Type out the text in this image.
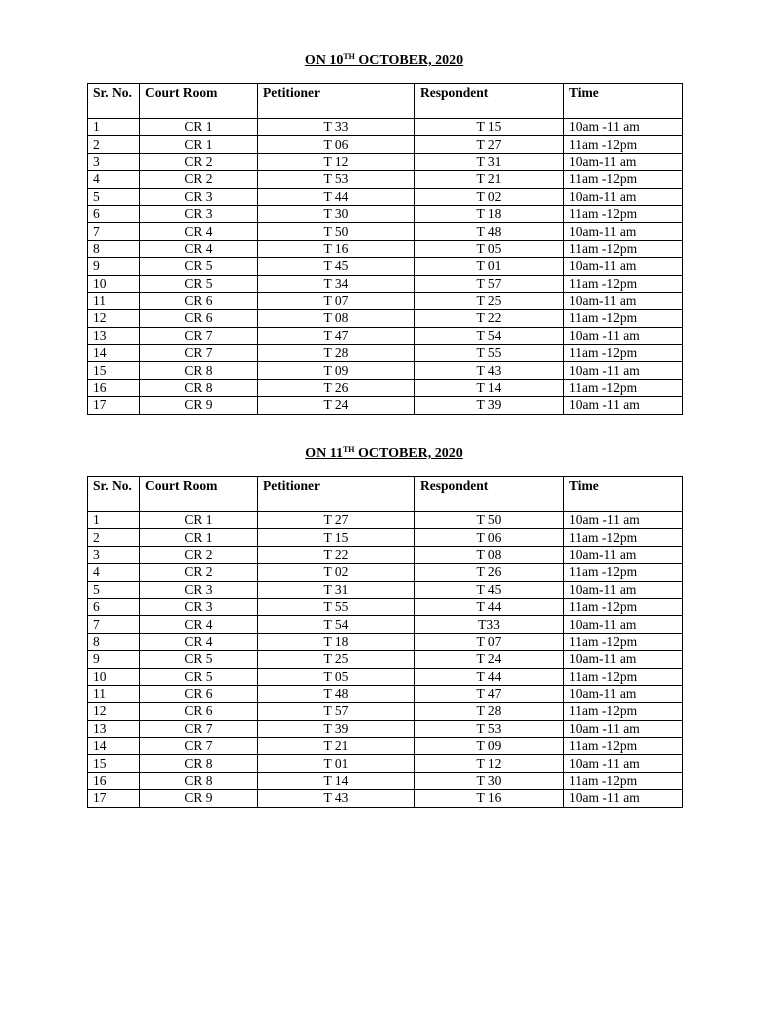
ON 10TH OCTOBER, 2020
Sr. No.	Court Room	Petitioner	Respondent	Time
1	CR 1	T 33	T 15	10am -11 am
2	CR 1	T 06	T 27	11am -12pm
3	CR 2	T 12	T 31	10am-11 am
4	CR 2	T 53	T 21	11am -12pm
5	CR 3	T 44	T 02	10am-11 am
6	CR 3	T 30	T 18	11am -12pm
7	CR 4	T 50	T 48	10am-11 am
8	CR 4	T 16	T 05	11am -12pm
9	CR 5	T 45	T 01	10am-11 am
10	CR 5	T 34	T 57	11am -12pm
11	CR 6	T 07	T 25	10am-11 am
12	CR 6	T 08	T 22	11am -12pm
13	CR 7	T 47	T 54	10am -11 am
14	CR 7	T 28	T 55	11am -12pm
15	CR 8	T 09	T 43	10am -11 am
16	CR 8	T 26	T 14	11am -12pm
17	CR 9	T 24	T 39	10am -11 am
ON 11TH OCTOBER, 2020
Sr. No.	Court Room	Petitioner	Respondent	Time
1	CR 1	T 27	T 50	10am -11 am
2	CR 1	T 15	T 06	11am -12pm
3	CR 2	T 22	T 08	10am-11 am
4	CR 2	T 02	T 26	11am -12pm
5	CR 3	T 31	T 45	10am-11 am
6	CR 3	T 55	T 44	11am -12pm
7	CR 4	T 54	T33	10am-11 am
8	CR 4	T 18	T 07	11am -12pm
9	CR 5	T 25	T 24	10am-11 am
10	CR 5	T 05	T 44	11am -12pm
11	CR 6	T 48	T 47	10am-11 am
12	CR 6	T 57	T 28	11am -12pm
13	CR 7	T 39	T 53	10am -11 am
14	CR 7	T 21	T 09	11am -12pm
15	CR 8	T 01	T 12	10am -11 am
16	CR 8	T 14	T 30	11am -12pm
17	CR 9	T 43	T 16	10am -11 am
